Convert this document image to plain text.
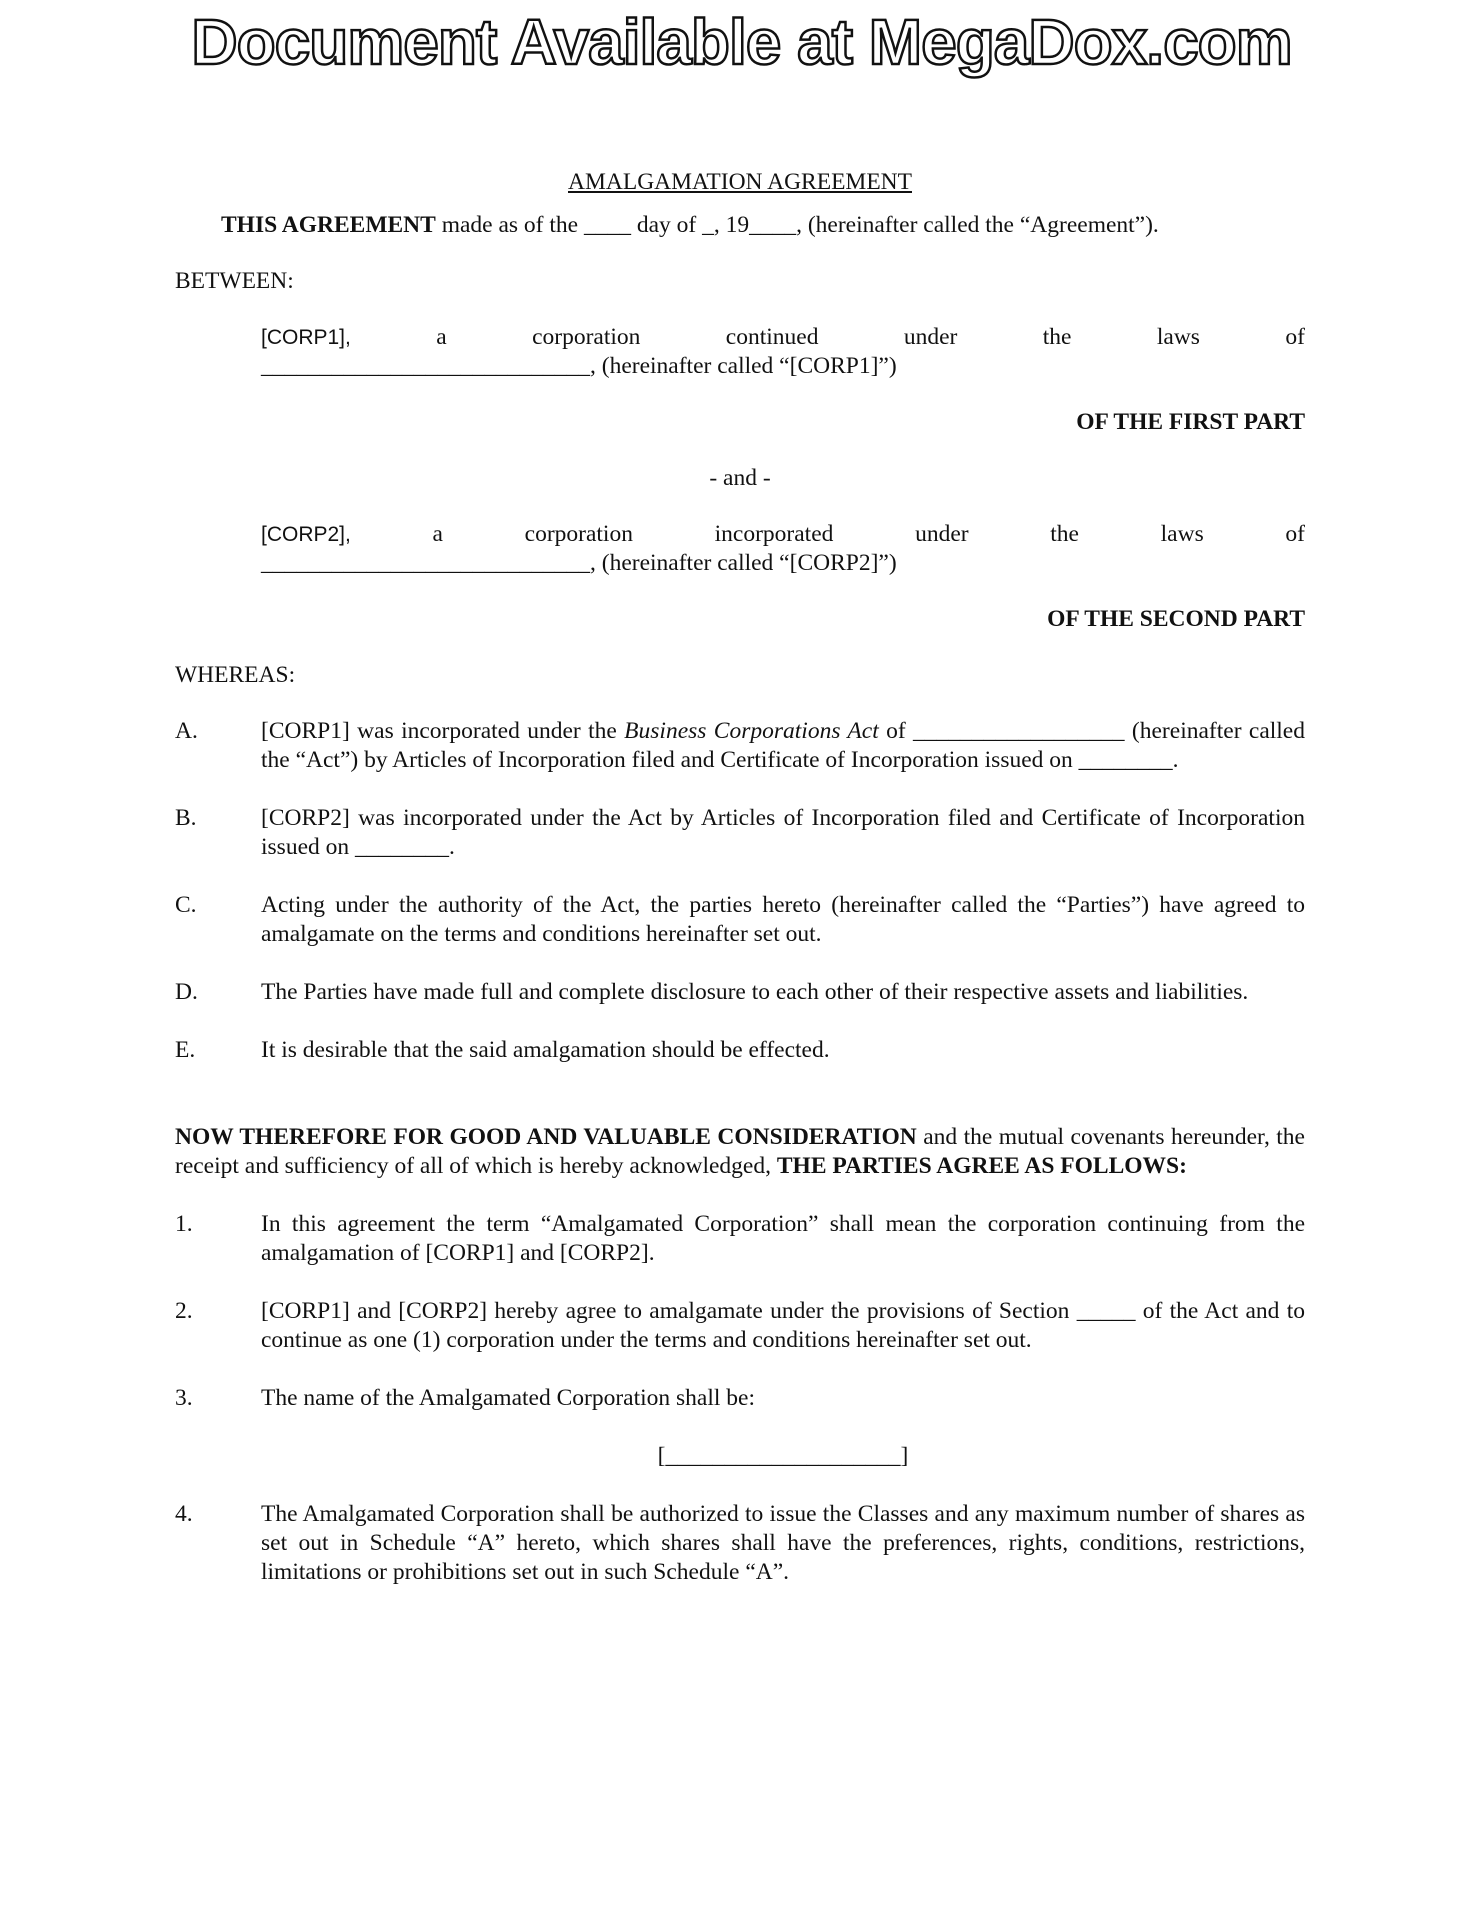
Document Available at MegaDox.com

AMALGAMATION AGREEMENT

THIS AGREEMENT made as of the ____ day of _, 19____, (hereinafter called the “Agreement”).

BETWEEN:

[CORP1],	a	corporation	continued	under	the	laws	of
____________________________, (hereinafter called “[CORP1]”)

OF THE FIRST PART

- and -

[CORP2],	a	corporation	incorporated	under	the	laws	of
____________________________, (hereinafter called “[CORP2]”)

OF THE SECOND PART

WHEREAS:

A.	[CORP1] was incorporated under the Business Corporations Act of __________________ (hereinafter called the “Act”) by Articles of Incorporation filed and Certificate of Incorporation issued on ________.
B.	[CORP2] was incorporated under the Act by Articles of Incorporation filed and Certificate of Incorporation issued on ________.
C.	Acting under the authority of the Act, the parties hereto (hereinafter called the “Parties”) have agreed to amalgamate on the terms and conditions hereinafter set out.
D.	The Parties have made full and complete disclosure to each other of their respective assets and liabilities.
E.	It is desirable that the said amalgamation should be effected.

NOW THEREFORE FOR GOOD AND VALUABLE CONSIDERATION and the mutual covenants hereunder, the receipt and sufficiency of all of which is hereby acknowledged, THE PARTIES AGREE AS FOLLOWS:

1.	In this agreement the term “Amalgamated Corporation” shall mean the corporation continuing from the amalgamation of [CORP1] and [CORP2].
2.	[CORP1] and [CORP2] hereby agree to amalgamate under the provisions of Section _____ of the Act and to continue as one (1) corporation under the terms and conditions hereinafter set out.
3.	The name of the Amalgamated Corporation shall be:

[____________________]

4.	The Amalgamated Corporation shall be authorized to issue the Classes and any maximum number of shares as set out in Schedule “A” hereto, which shares shall have the preferences, rights, conditions, restrictions, limitations or prohibitions set out in such Schedule “A”.
